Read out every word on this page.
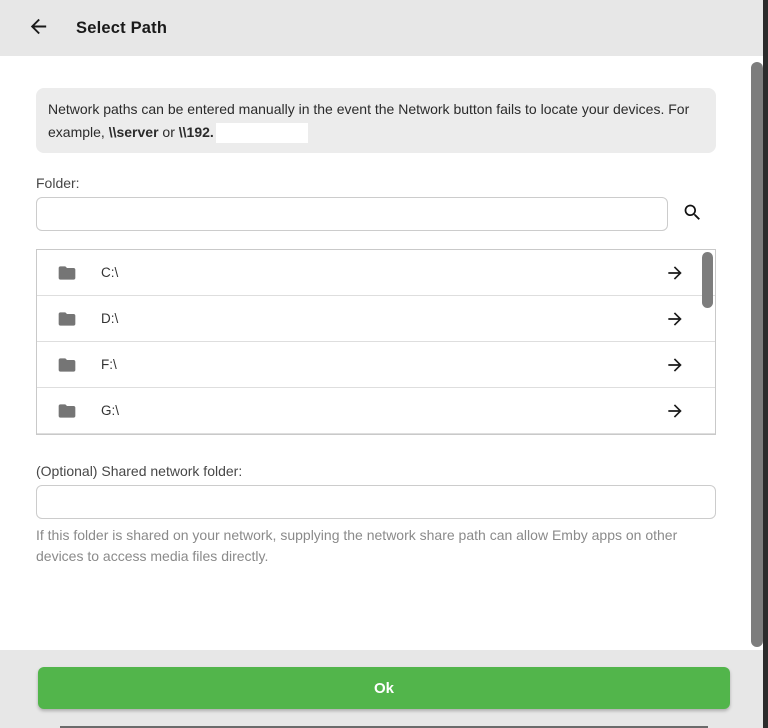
Select Path
Network paths can be entered manually in the event the Network button fails to locate your devices. For example, \\server or \\192.
Folder:
C:\
D:\
F:\
G:\
(Optional) Shared network folder:
If this folder is shared on your network, supplying the network share path can allow Emby apps on other devices to access media files directly.
Ok
